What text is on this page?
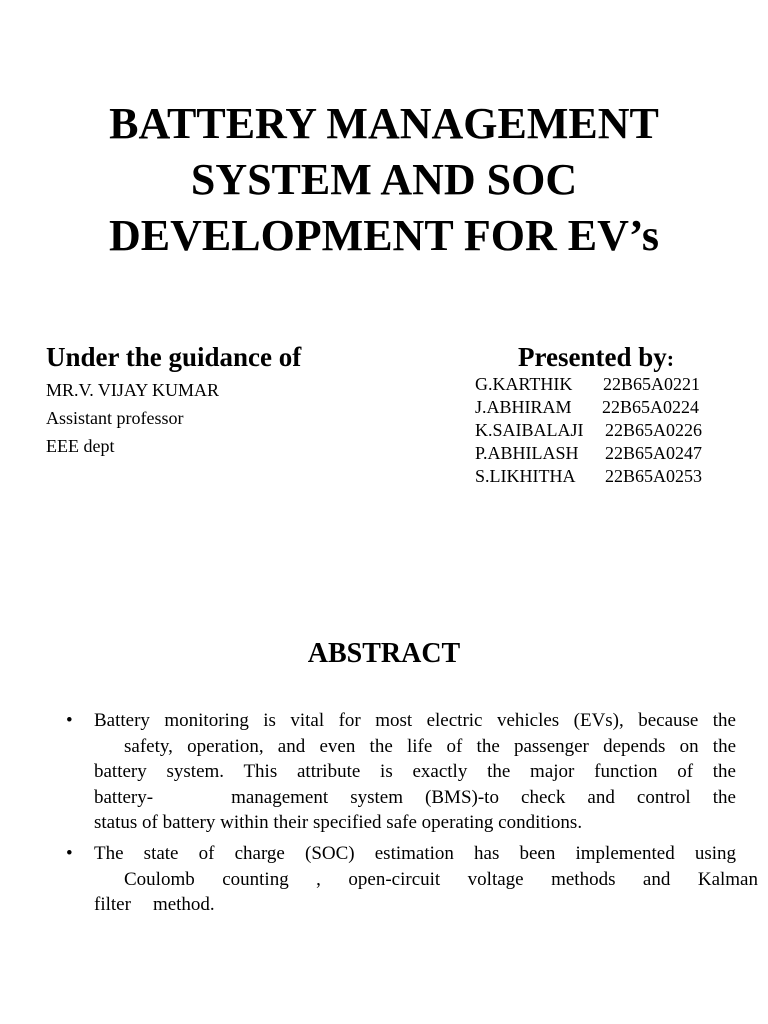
BATTERY MANAGEMENT
SYSTEM AND SOC
DEVELOPMENT FOR EV’s
Under the guidance of
MR.V. VIJAY KUMAR
Assistant professor
EEE dept
Presented by:
G.KARTHIK 22B65A0221
J.ABHIRAM 22B65A0224
K.SAIBALAJI 22B65A0226
P.ABHILASH 22B65A0247
S.LIKHITHA 22B65A0253
ABSTRACT
• Battery monitoring is vital for most electric vehicles (EVs), because the
safety, operation, and even the life of the passenger depends on the
battery system. This attribute is exactly the major function of the
battery-	management system (BMS)-to check and control the
status of battery within their specified safe operating conditions.
• The state of charge (SOC) estimation has been implemented using
Coulomb counting , open-circuit voltage methods and Kalman
filter method.
